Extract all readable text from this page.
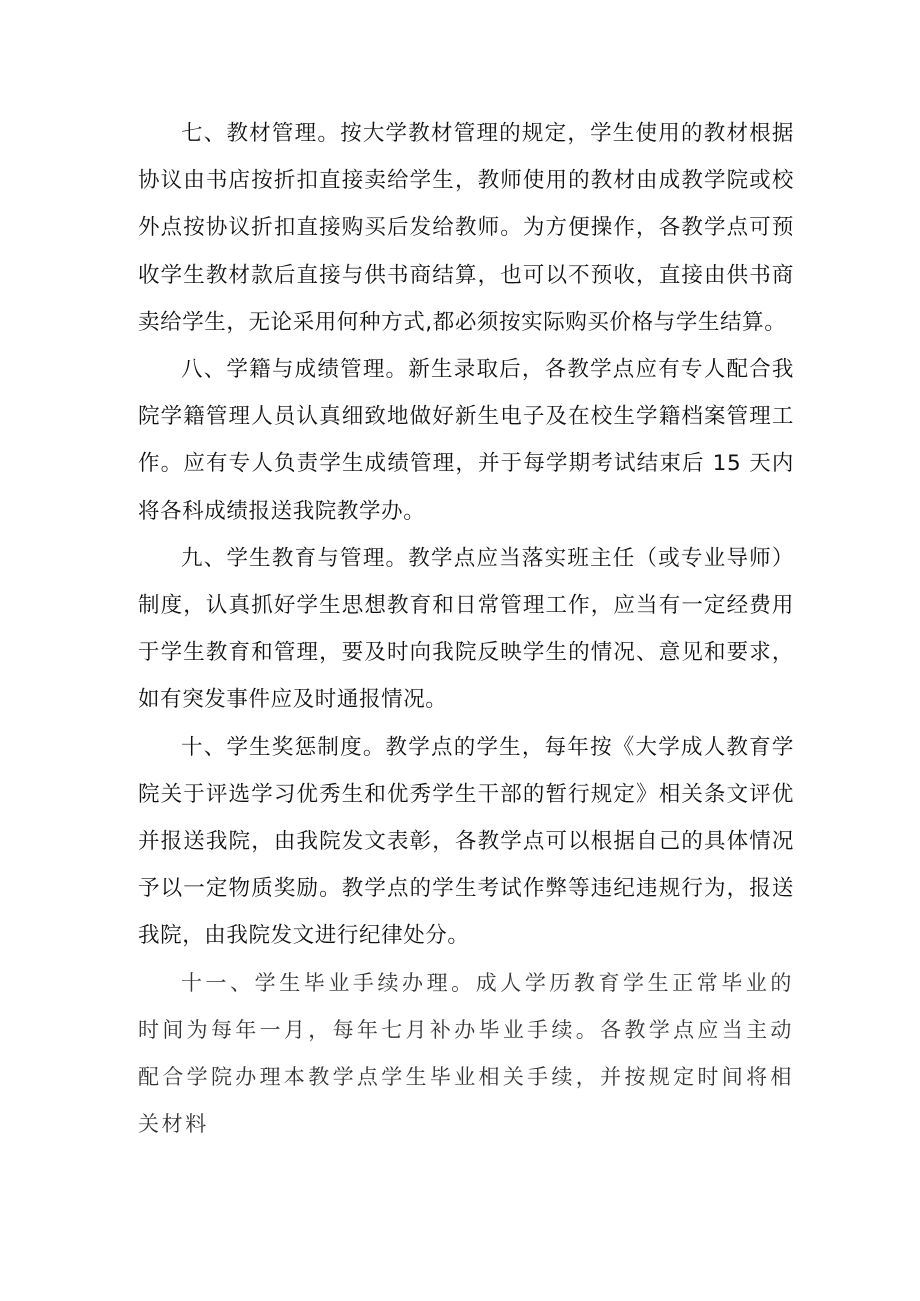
七、教材管理。按大学教材管理的规定，学生使用的教材根据协议由书店按折扣直接卖给学生，教师使用的教材由成教学院或校外点按协议折扣直接购买后发给教师。为方便操作，各教学点可预收学生教材款后直接与供书商结算，也可以不预收，直接由供书商卖给学生，无论采用何种方式,都必须按实际购买价格与学生结算。

八、学籍与成绩管理。新生录取后，各教学点应有专人配合我院学籍管理人员认真细致地做好新生电子及在校生学籍档案管理工作。应有专人负责学生成绩管理，并于每学期考试结束后 15 天内将各科成绩报送我院教学办。

九、学生教育与管理。教学点应当落实班主任（或专业导师）制度，认真抓好学生思想教育和日常管理工作，应当有一定经费用于学生教育和管理，要及时向我院反映学生的情况、意见和要求，如有突发事件应及时通报情况。

十、学生奖惩制度。教学点的学生，每年按《大学成人教育学院关于评选学习优秀生和优秀学生干部的暂行规定》相关条文评优并报送我院，由我院发文表彰，各教学点可以根据自己的具体情况予以一定物质奖励。教学点的学生考试作弊等违纪违规行为，报送我院，由我院发文进行纪律处分。

十一、学生毕业手续办理。成人学历教育学生正常毕业的时间为每年一月，每年七月补办毕业手续。各教学点应当主动配合学院办理本教学点学生毕业相关手续，并按规定时间将相关材料
